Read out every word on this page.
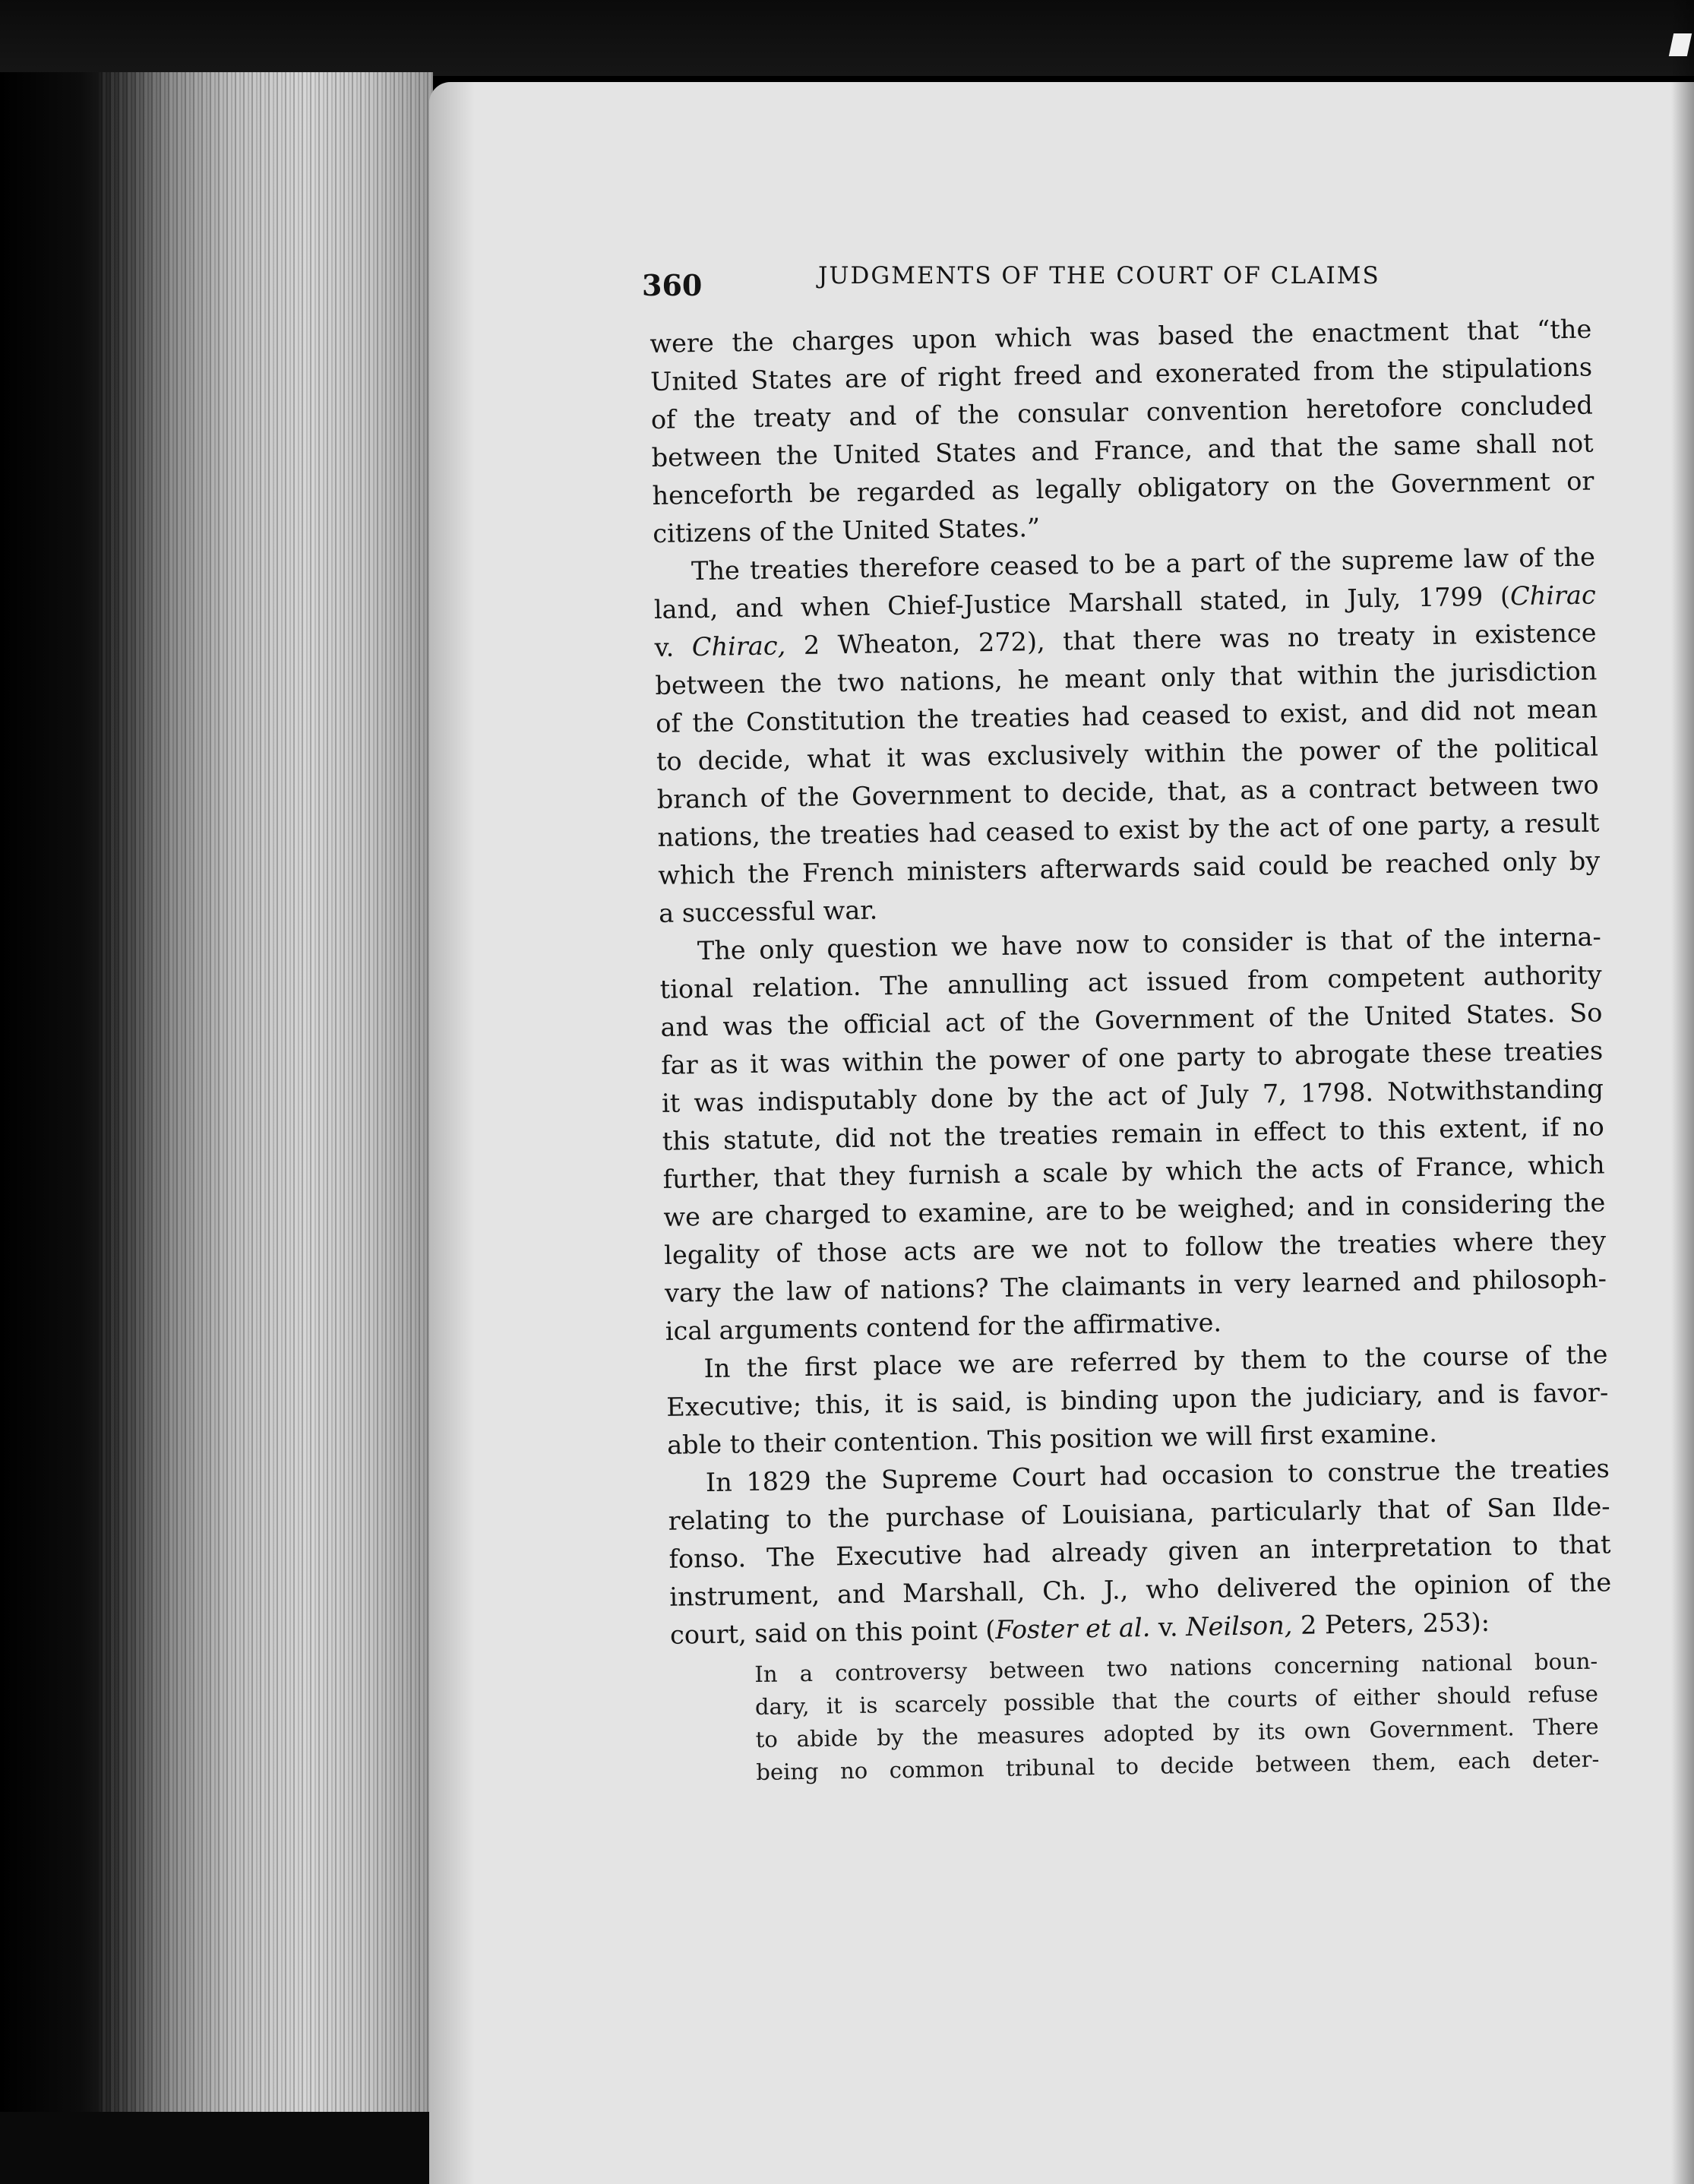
360	JUDGMENTS OF THE COURT OF CLAIMS
were the charges upon which was based the enactment that “the
United States are of right freed and exonerated from the stipulations
of the treaty and of the consular convention heretofore concluded
between the United States and France, and that the same shall not
henceforth be regarded as legally obligatory on the Government or
citizens of the United States.”
The treaties therefore ceased to be a part of the supreme law of the
land, and when Chief-Justice Marshall stated, in July, 1799 (Chirac
v. Chirac, 2 Wheaton, 272), that there was no treaty in existence
between the two nations, he meant only that within the jurisdiction
of the Constitution the treaties had ceased to exist, and did not mean
to decide, what it was exclusively within the power of the political
branch of the Government to decide, that, as a contract between two
nations, the treaties had ceased to exist by the act of one party, a result
which the French ministers afterwards said could be reached only by
a successful war.
The only question we have now to consider is that of the interna-
tional relation. The annulling act issued from competent authority
and was the official act of the Government of the United States. So
far as it was within the power of one party to abrogate these treaties
it was indisputably done by the act of July 7, 1798. Notwithstanding
this statute, did not the treaties remain in effect to this extent, if no
further, that they furnish a scale by which the acts of France, which
we are charged to examine, are to be weighed; and in considering the
legality of those acts are we not to follow the treaties where they
vary the law of nations? The claimants in very learned and philosoph-
ical arguments contend for the affirmative.
In the first place we are referred by them to the course of the
Executive; this, it is said, is binding upon the judiciary, and is favor-
able to their contention. This position we will first examine.
In 1829 the Supreme Court had occasion to construe the treaties
relating to the purchase of Louisiana, particularly that of San Ilde-
fonso. The Executive had already given an interpretation to that
instrument, and Marshall, Ch. J., who delivered the opinion of the
court, said on this point (Foster et al. v. Neilson, 2 Peters, 253):
In a controversy between two nations concerning national boun-
dary, it is scarcely possible that the courts of either should refuse
to abide by the measures adopted by its own Government. There
being no common tribunal to decide between them, each deter-
